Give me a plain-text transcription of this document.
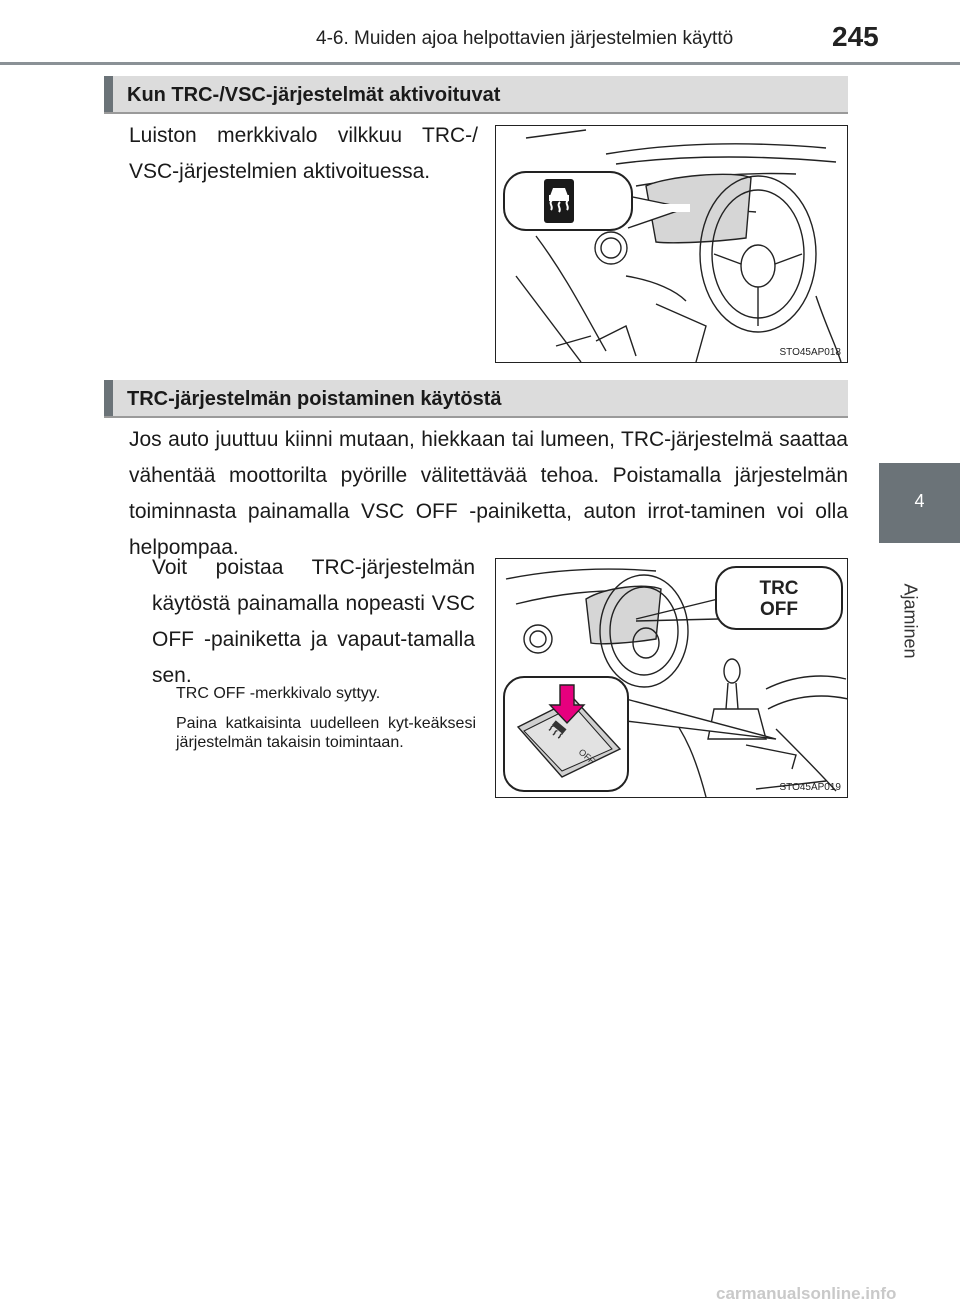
4-6. Muiden ajoa helpottavien järjestelmien käyttö	245
4
Ajaminen
Kun TRC-/VSC-järjestelmät aktivoituvat
Luiston merkkivalo vilkkuu TRC-/ VSC-järjestelmien aktivoituessa.
STO45AP018
TRC-järjestelmän poistaminen käytöstä
Jos auto juuttuu kiinni mutaan, hiekkaan tai lumeen, TRC-järjestelmä saattaa vähentää moottorilta pyörille välitettävää tehoa. Poistamalla järjestelmän toiminnasta painamalla VSC OFF -painiketta, auton irrot-taminen voi olla helpompaa.
Voit poistaa TRC-järjestelmän käytöstä painamalla nopeasti VSC OFF -painiketta ja vapaut-tamalla sen.
TRC OFF -merkkivalo syttyy.
Paina katkaisinta uudelleen kyt-keäksesi järjestelmän takaisin toimintaan.
TRC
OFF
OFF
STO45AP019
carmanualsonline.info
